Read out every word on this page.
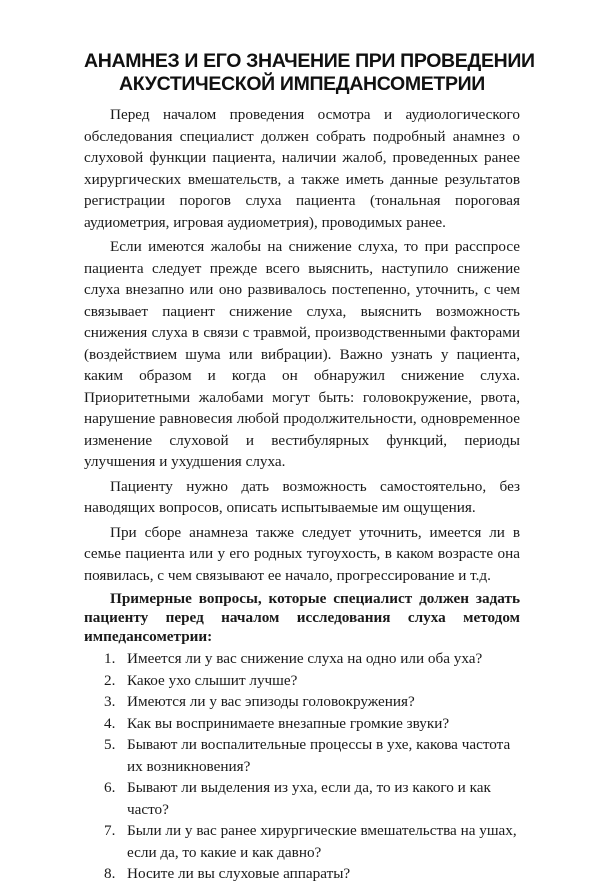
АНАМНЕЗ И ЕГО ЗНАЧЕНИЕ ПРИ ПРОВЕДЕНИИ
АКУСТИЧЕСКОЙ ИМПЕДАНСОМЕТРИИ

Перед началом проведения осмотра и аудиологического обследования специалист должен собрать подробный анамнез о слуховой функции пациента, наличии жалоб, проведенных ранее хирургических вмешательств, а также иметь данные результатов регистрации порогов слуха пациента (тональная пороговая аудиометрия, игровая аудиометрия), проводимых ранее.

Если имеются жалобы на снижение слуха, то при расспросе пациента следует прежде всего выяснить, наступило снижение слуха внезапно или оно развивалось постепенно, уточнить, с чем связывает пациент снижение слуха, выяснить возможность снижения слуха в связи с травмой, производственными факторами (воздействием шума или вибрации). Важно узнать у пациента, каким образом и когда он обнаружил снижение слуха. Приоритетными жалобами могут быть: головокружение, рвота, нарушение равновесия любой продолжительности, одновременное изменение слуховой и вестибулярных функций, периоды улучшения и ухудшения слуха.

Пациенту нужно дать возможность самостоятельно, без наводящих вопросов, описать испытываемые им ощущения.

При сборе анамнеза также следует уточнить, имеется ли в семье пациента или у его родных тугоухость, в каком возрасте она появилась, с чем связывают ее начало, прогрессирование и т.д.

Примерные вопросы, которые специалист должен задать пациенту перед началом исследования слуха методом импедансометрии:

1. Имеется ли у вас снижение слуха на одно или оба уха?
2. Какое ухо слышит лучше?
3. Имеются ли у вас эпизоды головокружения?
4. Как вы воспринимаете внезапные громкие звуки?
5. Бывают ли воспалительные процессы в ухе, какова частота их возникновения?
6. Бывают ли выделения из уха, если да, то из какого и как часто?
7. Были ли у вас ранее хирургические вмешательства на ушах, если да, то какие и как давно?
8. Носите ли вы слуховые аппараты?
